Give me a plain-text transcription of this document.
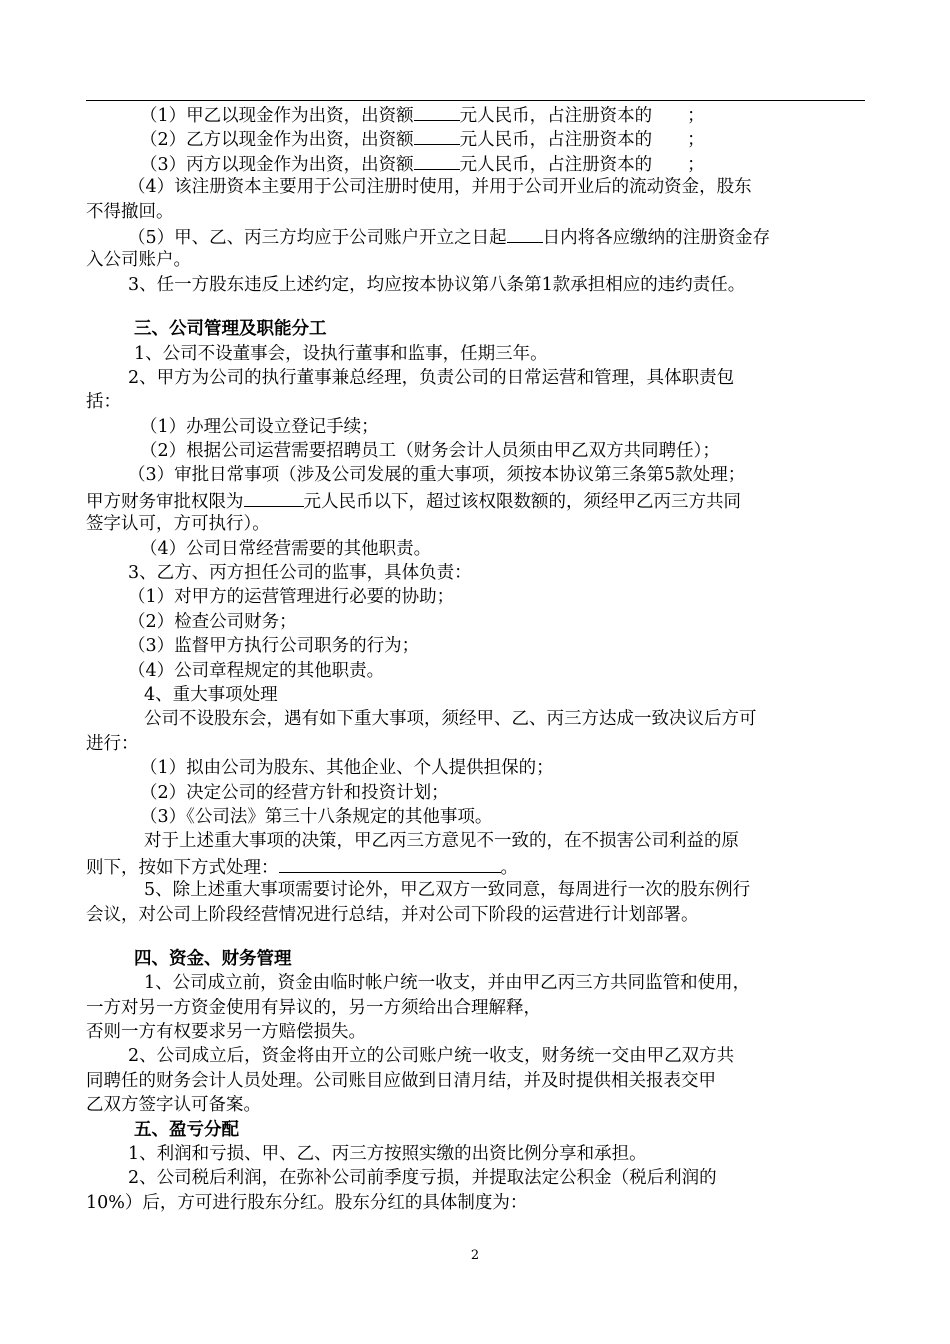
（1）甲乙以现金作为出资，出资额	元人民币，占注册资本的　　；
（2）乙方以现金作为出资，出资额	元人民币，占注册资本的　　；
（3）丙方以现金作为出资，出资额	元人民币，占注册资本的　　；
（4）该注册资本主要用于公司注册时使用，并用于公司开业后的流动资金，股东
不得撤回。
（5）甲、乙、丙三方均应于公司账户开立之日起 日内将各应缴纳的注册资金存
入公司账户。
3、任一方股东违反上述约定，均应按本协议第八条第1款承担相应的违约责任。
三、公司管理及职能分工
1、公司不设董事会，设执行董事和监事，任期三年。
2、甲方为公司的执行董事兼总经理，负责公司的日常运营和管理，具体职责包
括：
（1）办理公司设立登记手续；
（2）根据公司运营需要招聘员工（财务会计人员须由甲乙双方共同聘任）；
（3）审批日常事项（涉及公司发展的重大事项，须按本协议第三条第5款处理；
甲方财务审批权限为	元人民币以下，超过该权限数额的，须经甲乙丙三方共同
签字认可，方可执行）。
（4）公司日常经营需要的其他职责。
3、乙方、丙方担任公司的监事，具体负责：
（1）对甲方的运营管理进行必要的协助；
（2）检查公司财务；
（3）监督甲方执行公司职务的行为；
（4）公司章程规定的其他职责。
4、重大事项处理
公司不设股东会，遇有如下重大事项，须经甲、乙、丙三方达成一致决议后方可
进行：
（1）拟由公司为股东、其他企业、个人提供担保的；
（2）决定公司的经营方针和投资计划；
（3）《公司法》第三十八条规定的其他事项。
对于上述重大事项的决策，甲乙丙三方意见不一致的，在不损害公司利益的原
则下，按如下方式处理：	。
5、除上述重大事项需要讨论外，甲乙双方一致同意，每周进行一次的股东例行
会议，对公司上阶段经营情况进行总结，并对公司下阶段的运营进行计划部署。
四、资金、财务管理
1、公司成立前，资金由临时帐户统一收支，并由甲乙丙三方共同监管和使用，
一方对另一方资金使用有异议的，另一方须给出合理解释，
否则一方有权要求另一方赔偿损失。
2、公司成立后，资金将由开立的公司账户统一收支，财务统一交由甲乙双方共
同聘任的财务会计人员处理。公司账目应做到日清月结，并及时提供相关报表交甲
乙双方签字认可备案。
五、盈亏分配
1、利润和亏损、甲、乙、丙三方按照实缴的出资比例分享和承担。
2、公司税后利润，在弥补公司前季度亏损，并提取法定公积金（税后利润的
10%）后，方可进行股东分红。股东分红的具体制度为：
2
